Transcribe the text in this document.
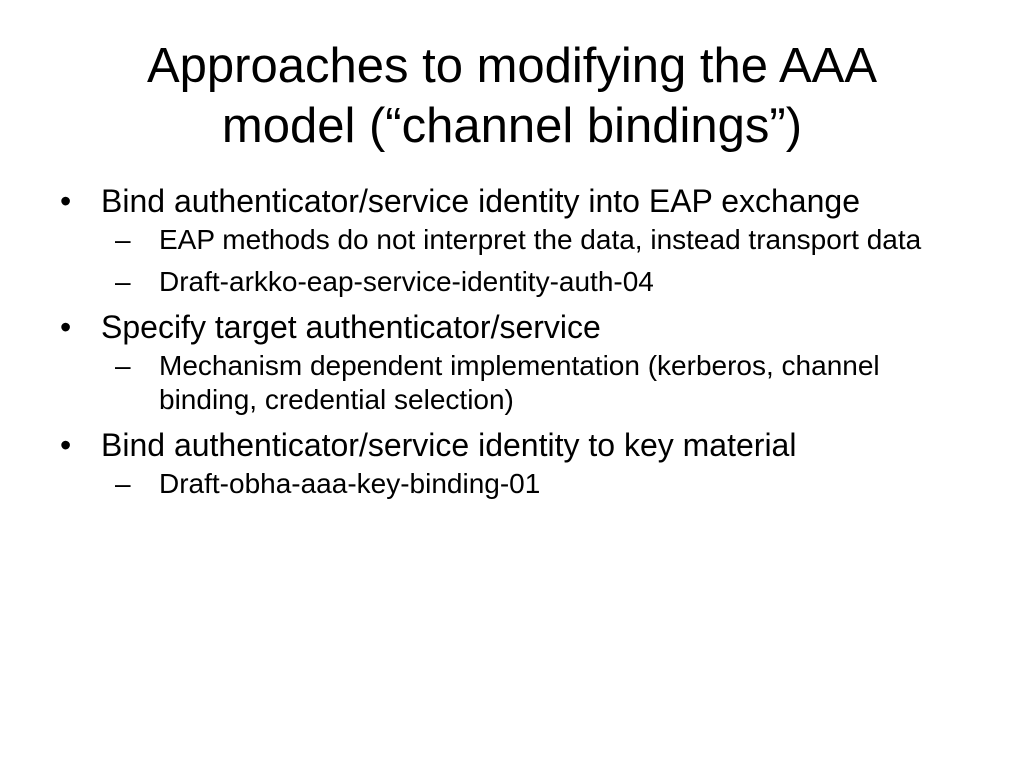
Approaches to modifying the AAA
model (“channel bindings”)
• Bind authenticator/service identity into EAP exchange
– EAP methods do not interpret the data, instead transport data
– Draft-arkko-eap-service-identity-auth-04
• Specify target authenticator/service
– Mechanism dependent implementation (kerberos, channel binding, credential selection)
• Bind authenticator/service identity to key material
– Draft-obha-aaa-key-binding-01
